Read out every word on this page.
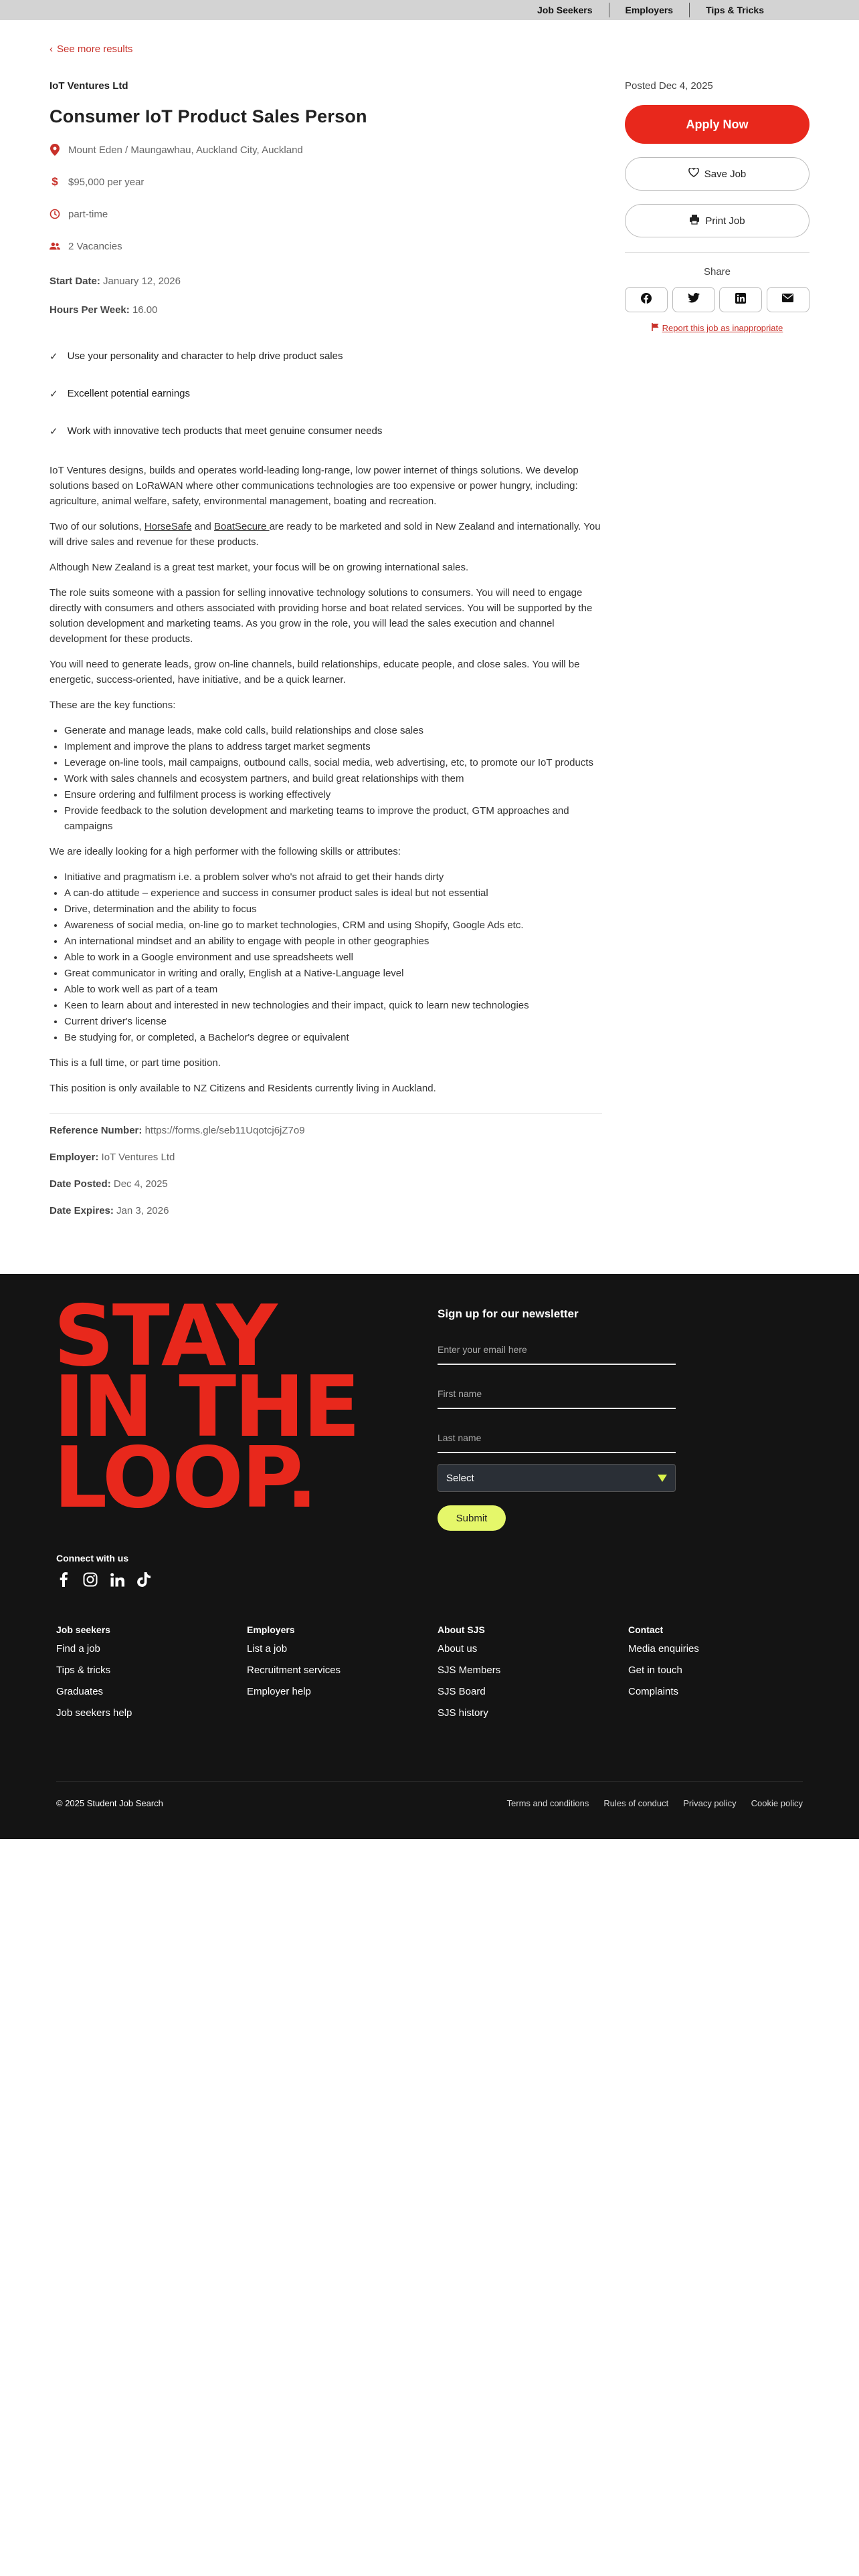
Job Seekers	Employers	Tips & Tricks
‹ See more results
IoT Ventures Ltd
Consumer IoT Product Sales Person
Mount Eden / Maungawhau, Auckland City, Auckland
$ $95,000 per year
part-time
2 Vacancies
Start Date: January 12, 2026
Hours Per Week: 16.00
✓ Use your personality and character to help drive product sales
✓ Excellent potential earnings
✓ Work with innovative tech products that meet genuine consumer needs

IoT Ventures designs, builds and operates world-leading long-range, low power internet of things solutions. We develop solutions based on LoRaWAN where other communications technologies are too expensive or power hungry, including: agriculture, animal welfare, safety, environmental management, boating and recreation.

Two of our solutions, HorseSafe and BoatSecure are ready to be marketed and sold in New Zealand and internationally. You will drive sales and revenue for these products.

Although New Zealand is a great test market, your focus will be on growing international sales.

The role suits someone with a passion for selling innovative technology solutions to consumers. You will need to engage directly with consumers and others associated with providing horse and boat related services. You will be supported by the solution development and marketing teams. As you grow in the role, you will lead the sales execution and channel development for these products.

You will need to generate leads, grow on-line channels, build relationships, educate people, and close sales. You will be energetic, success-oriented, have initiative, and be a quick learner.

These are the key functions:

• Generate and manage leads, make cold calls, build relationships and close sales
• Implement and improve the plans to address target market segments
• Leverage on-line tools, mail campaigns, outbound calls, social media, web advertising, etc, to promote our IoT products
• Work with sales channels and ecosystem partners, and build great relationships with them
• Ensure ordering and fulfilment process is working effectively
• Provide feedback to the solution development and marketing teams to improve the product, GTM approaches and campaigns

We are ideally looking for a high performer with the following skills or attributes:

• Initiative and pragmatism i.e. a problem solver who's not afraid to get their hands dirty
• A can-do attitude – experience and success in consumer product sales is ideal but not essential
• Drive, determination and the ability to focus
• Awareness of social media, on-line go to market technologies, CRM and using Shopify, Google Ads etc.
• An international mindset and an ability to engage with people in other geographies
• Able to work in a Google environment and use spreadsheets well
• Great communicator in writing and orally, English at a Native-Language level
• Able to work well as part of a team
• Keen to learn about and interested in new technologies and their impact, quick to learn new technologies
• Current driver's license
• Be studying for, or completed, a Bachelor's degree or equivalent

This is a full time, or part time position.

This position is only available to NZ Citizens and Residents currently living in Auckland.

Reference Number: https://forms.gle/seb11Uqotcj6jZ7o9
Employer: IoT Ventures Ltd
Date Posted: Dec 4, 2025
Date Expires: Jan 3, 2026
Posted Dec 4, 2025
Apply Now
Save Job
Print Job
Share
Report this job as inappropriate
STAY
IN THE
LOOP.
Sign up for our newsletter
Enter your email here
First name
Last name
Select
Submit
Connect with us
Job seekers
Find a job
Tips & tricks
Graduates
Job seekers help
Employers
List a job
Recruitment services
Employer help
About SJS
About us
SJS Members
SJS Board
SJS history
Contact
Media enquiries
Get in touch
Complaints
© 2025 Student Job Search	Terms and conditions Rules of conduct Privacy policy Cookie policy
